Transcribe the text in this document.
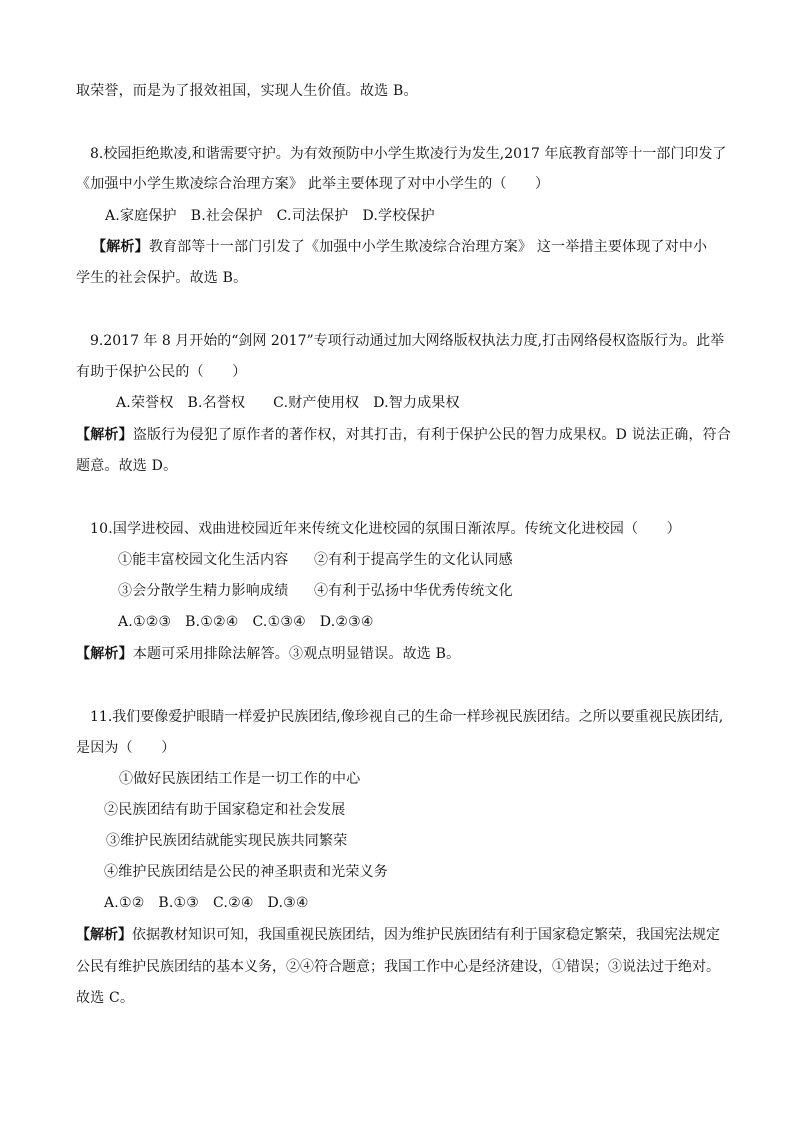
取荣誉，而是为了报效祖国，实现人生价值。故选 B。
8.校园拒绝欺凌,和谐需要守护。为有效预防中小学生欺凌行为发生,2017 年底教育部等十一部门印发了
《加强中小学生欺凌综合治理方案》 此举主要体现了对中小学生的（　　）
A.家庭保护 B.社会保护 C.司法保护 D.学校保护
【解析】教育部等十一部门引发了《加强中小学生欺凌综合治理方案》 这一举措主要体现了对中小
学生的社会保护。故选 B。
9.2017 年 8 月开始的“剑网 2017”专项行动通过加大网络版权执法力度,打击网络侵权盗版行为。此举
有助于保护公民的（　　）
A.荣誉权 B.名誉权 C.财产使用权 D.智力成果权
【解析】盗版行为侵犯了原作者的著作权，对其打击，有利于保护公民的智力成果权。D 说法正确，符合
题意。故选 D。
10.国学进校园、戏曲进校园近年来传统文化进校园的氛围日渐浓厚。传统文化进校园（　　）
①能丰富校园文化生活内容 ②有利于提高学生的文化认同感
③会分散学生精力影响成绩 ④有利于弘扬中华优秀传统文化
A.①②③ B.①②④ C.①③④ D.②③④
【解析】本题可采用排除法解答。③观点明显错误。故选 B。
11.我们要像爱护眼睛一样爱护民族团结,像珍视自己的生命一样珍视民族团结。之所以要重视民族团结,
是因为（　　）
①做好民族团结工作是一切工作的中心
②民族团结有助于国家稳定和社会发展
③维护民族团结就能实现民族共同繁荣
④维护民族团结是公民的神圣职责和光荣义务
A.①② B.①③ C.②④ D.③④
【解析】依据教材知识可知，我国重视民族团结，因为维护民族团结有利于国家稳定繁荣，我国宪法规定
公民有维护民族团结的基本义务，②④符合题意；我国工作中心是经济建设，①错误；③说法过于绝对。
故选 C。
